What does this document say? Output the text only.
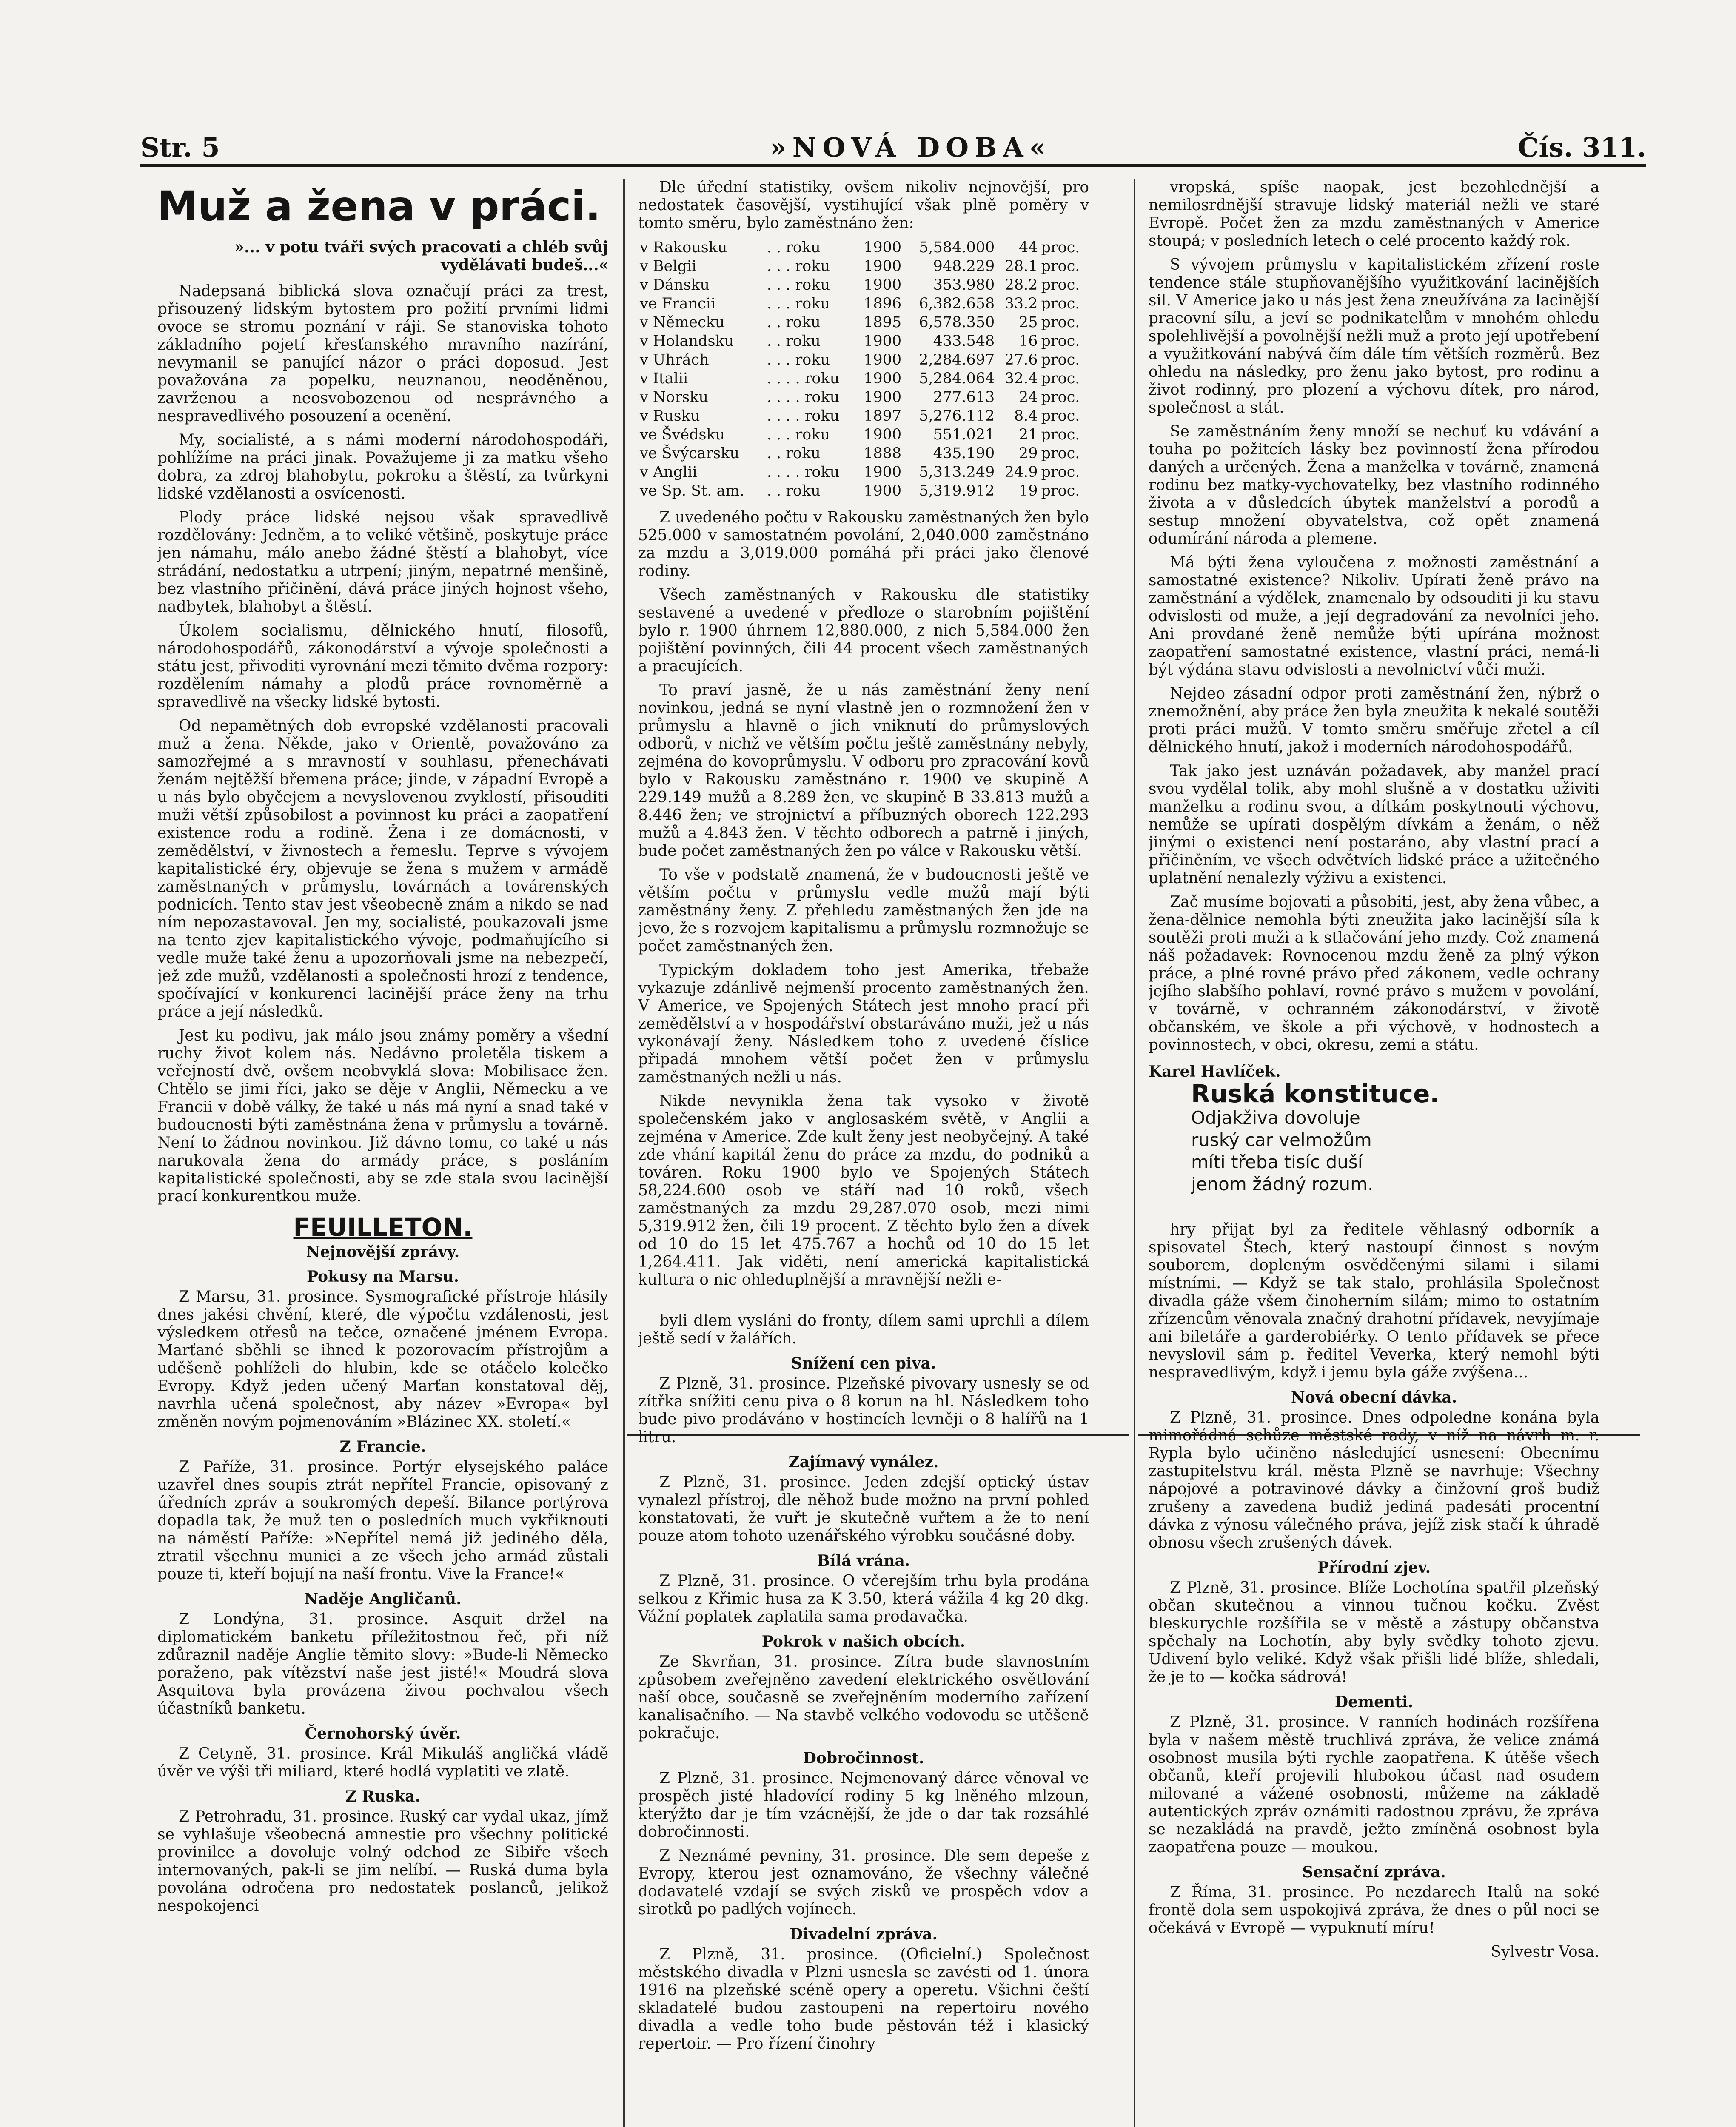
Str. 5	»NOVÁ DOBA«	Čís. 311.
Muž a žena v práci.
»... v potu tváři svých pracovati a chléb svůj vydělávati budeš...«

Nadepsaná biblická slova označují práci za trest, přisouzený lidským bytostem pro požití prvními lidmi ovoce se stromu poznání v ráji. Se stanoviska tohoto základního pojetí křesťanského mravního nazírání, nevymanil se panující názor o práci doposud. Jest považována za popelku, neuznanou, neoděněnou, zavrženou a neosvobozenou od nesprávného a nespravedlivého posouzení a ocenění.

My, socialisté, a s námi moderní národohospodáři, pohlížíme na práci jinak. Považujeme ji za matku všeho dobra, za zdroj blahobytu, pokroku a štěstí, za tvůrkyni lidské vzdělanosti a osvícenosti.

Plody práce lidské nejsou však spravedlivě rozdělovány: Jedněm, a to veliké většině, poskytuje práce jen námahu, málo anebo žádné štěstí a blahobyt, více strádání, nedostatku a utrpení; jiným, nepatrné menšině, bez vlastního přičinění, dává práce jiných hojnost všeho, nadbytek, blahobyt a štěstí.

Úkolem socialismu, dělnického hnutí, filosofů, národohospodářů, zákonodárství a vývoje společnosti a státu jest, přivoditi vyrovnání mezi těmito dvěma rozpory: rozdělením námahy a plodů práce rovnoměrně a spravedlivě na všecky lidské bytosti.

Od nepamětných dob evropské vzdělanosti pracovali muž a žena. Někde, jako v Orientě, považováno za samozřejmé a s mravností v souhlasu, přenechávati ženám nejtěžší břemena práce; jinde, v západní Evropě a u nás bylo obyčejem a nevyslovenou zvyklostí, přisouditi muži větší způsobilost a povinnost ku práci a zaopatření existence rodu a rodině. Žena i ze domácnosti, v zemědělství, v živnostech a řemeslu. Teprve s vývojem kapitalistické éry, objevuje se žena s mužem v armádě zaměstnaných v průmyslu, továrnách a továrenských podnicích. Tento stav jest všeobecně znám a nikdo se nad ním nepozastavoval. Jen my, socialisté, poukazovali jsme na tento zjev kapitalistického vývoje, podmaňujícího si vedle muže také ženu a upozorňovali jsme na nebezpečí, jež zde mužů, vzdělanosti a společnosti hrozí z tendence, spočívající v konkurenci lacinější práce ženy na trhu práce a její následků.

Jest ku podivu, jak málo jsou známy poměry a všední ruchy život kolem nás. Nedávno proletěla tiskem a veřejností dvě, ovšem neobvyklá slova: Mobilisace žen. Chtělo se jimi říci, jako se děje v Anglii, Německu a ve Francii v době války, že také u nás má nyní a snad také v budoucnosti býti zaměstnána žena v průmyslu a továrně. Není to žádnou novinkou. Již dávno tomu, co také u nás narukovala žena do armády práce, s posláním kapitalistické společnosti, aby se zde stala svou lacinější prací konkurentkou muže.

FEUILLETON.
Nejnovější zprávy.
Pokusy na Marsu.

Z Marsu, 31. prosince. Sysmografické přístroje hlásily dnes jakési chvění, které, dle výpočtu vzdálenosti, jest výsledkem otřesů na tečce, označené jménem Evropa. Marťané sběhli se ihned k pozorovacím přístrojům a uděšeně pohlíželi do hlubin, kde se otáčelo kolečko Evropy. Když jeden učený Marťan konstatoval děj, navrhla učená společnost, aby název »Evropa« byl změněn novým pojmenováním »Blázinec XX. století.«

Z Francie.

Z Paříže, 31. prosince. Portýr elysejského paláce uzavřel dnes soupis ztrát nepřítel Francie, opisovaný z úředních zpráv a soukromých depeší. Bilance portýrova dopadla tak, že muž ten o posledních much vykřiknouti na náměstí Paříže: »Nepřítel nemá již jediného děla, ztratil všechnu munici a ze všech jeho armád zůstali pouze ti, kteří bojují na naší frontu. Vive la France!«

Naděje Angličanů.

Z Londýna, 31. prosince. Asquit držel na diplomatickém banketu příležitostnou řeč, při níž zdůraznil naděje Anglie těmito slovy: »Bude-li Německo poraženo, pak vítězství naše jest jisté!« Moudrá slova Asquitova byla provázena živou pochvalou všech účastníků banketu.

Černohorský úvěr.

Z Cetyně, 31. prosince. Král Mikuláš angličká vládě úvěr ve výši tři miliard, které hodlá vyplatiti ve zlatě.

Z Ruska.

Z Petrohradu, 31. prosince. Ruský car vydal ukaz, jímž se vyhlašuje všeobecná amnestie pro všechny politické provinilce a dovoluje volný odchod ze Sibiře všech internovaných, pak-li se jim nelíbí. — Ruská duma byla povolána odročena pro nedostatek poslanců, jelikož nespokojenci

Dle úřední statistiky, ovšem nikoliv nejnovější, pro nedostatek časovější, vystihující však plně poměry v tomto směru, bylo zaměstnáno žen:

v Rakousku	. . roku	1900	5,584.000	44	proc.
v Belgii	. . . roku	1900	948.229	28.1	proc.
v Dánsku	. . . roku	1900	353.980	28.2	proc.
ve Francii	. . . roku	1896	6,382.658	33.2	proc.
v Německu	. . roku	1895	6,578.350	25	proc.
v Holandsku	. . roku	1900	433.548	16	proc.
v Uhrách	. . . roku	1900	2,284.697	27.6	proc.
v Italii	. . . . roku	1900	5,284.064	32.4	proc.
v Norsku	. . . . roku	1900	277.613	24	proc.
v Rusku	. . . . roku	1897	5,276.112	8.4	proc.
ve Švédsku	. . . roku	1900	551.021	21	proc.
ve Švýcarsku	. . roku	1888	435.190	29	proc.
v Anglii	. . . . roku	1900	5,313.249	24.9	proc.
ve Sp. St. am.	. . roku	1900	5,319.912	19	proc.

Z uvedeného počtu v Rakousku zaměstnaných žen bylo 525.000 v samostatném povolání, 2,040.000 zaměstnáno za mzdu a 3,019.000 pomáhá při práci jako členové rodiny.

Všech zaměstnaných v Rakousku dle statistiky sestavené a uvedené v předloze o starobním pojištění bylo r. 1900 úhrnem 12,880.000, z nich 5,584.000 žen pojištění povinných, čili 44 procent všech zaměstnaných a pracujících.

To praví jasně, že u nás zaměstnání ženy není novinkou, jedná se nyní vlastně jen o rozmnožení žen v průmyslu a hlavně o jich vniknutí do průmyslových odborů, v nichž ve větším počtu ještě zaměstnány nebyly, zejména do kovoprůmyslu. V odboru pro zpracování kovů bylo v Rakousku zaměstnáno r. 1900 ve skupině A 229.149 mužů a 8.289 žen, ve skupině B 33.813 mužů a 8.446 žen; ve strojnictví a příbuzných oborech 122.293 mužů a 4.843 žen. V těchto odborech a patrně i jiných, bude počet zaměstnaných žen po válce v Rakousku větší.

To vše v podstatě znamená, že v budoucnosti ještě ve větším počtu v průmyslu vedle mužů mají býti zaměstnány ženy. Z přehledu zaměstnaných žen jde na jevo, že s rozvojem kapitalismu a průmyslu rozmnožuje se počet zaměstnaných žen.

Typickým dokladem toho jest Amerika, třebaže vykazuje zdánlivě nejmenší procento zaměstnaných žen. V Americe, ve Spojených Státech jest mnoho prací při zemědělství a v hospodářství obstaráváno muži, jež u nás vykonávají ženy. Následkem toho z uvedené číslice připadá mnohem větší počet žen v průmyslu zaměstnaných nežli u nás.

Nikde nevynikla žena tak vysoko v životě společenském jako v anglosaském světě, v Anglii a zejména v Americe. Zde kult ženy jest neobyčejný. A také zde vhání kapitál ženu do práce za mzdu, do podniků a továren. Roku 1900 bylo ve Spojených Státech 58,224.600 osob ve stáří nad 10 roků, všech zaměstnaných za mzdu 29,287.070 osob, mezi nimi 5,319.912 žen, čili 19 procent. Z těchto bylo žen a dívek od 10 do 15 let 475.767 a hochů od 10 do 15 let 1,264.411. Jak viděti, není americká kapitalistická kultura o nic ohleduplnější a mravnější nežli e-

byli dlem vysláni do fronty, dílem sami uprchli a dílem ještě sedí v žalářích.

Snížení cen piva.

Z Plzně, 31. prosince. Plzeňské pivovary usnesly se od zítřka snížiti cenu piva o 8 korun na hl. Následkem toho bude pivo prodáváno v hostincích levněji o 8 halířů na 1 litru.

Zajímavý vynález.

Z Plzně, 31. prosince. Jeden zdejší optický ústav vynalezl přístroj, dle něhož bude možno na první pohled konstatovati, že vuřt je skutečně vuřtem a že to není pouze atom tohoto uzenářského výrobku součásné doby.

Bílá vrána.

Z Plzně, 31. prosince. O včerejším trhu byla prodána selkou z Křimic husa za K 3.50, která vážila 4 kg 20 dkg. Vážní poplatek zaplatila sama prodavačka.

Pokrok v našich obcích.

Ze Skvrňan, 31. prosince. Zítra bude slavnostním způsobem zveřejněno zavedení elektrického osvětlování naší obce, současně se zveřejněním moderního zařízení kanalisačního. — Na stavbě velkého vodovodu se utěšeně pokračuje.

Dobročinnost.

Z Plzně, 31. prosince. Nejmenovaný dárce věnoval ve prospěch jisté hladovící rodiny 5 kg lněného mlzoun, kterýžto dar je tím vzácnější, že jde o dar tak rozsáhlé dobročinnosti.

Z Neznámé pevniny, 31. prosince. Dle sem depeše z Evropy, kterou jest oznamováno, že všechny válečné dodavatelé vzdají se svých zisků ve prospěch vdov a sirotků po padlých vojínech.

Divadelní zpráva.

Z Plzně, 31. prosince. (Oficielní.) Společnost městského divadla v Plzni usnesla se zavésti od 1. února 1916 na plzeňské scéně opery a operetu. Všichni čeští skladatelé budou zastoupeni na repertoiru nového divadla a vedle toho bude pěstován též i klasický repertoir. — Pro řízení činohry

vropská, spíše naopak, jest bezohlednější a nemilosrdnější stravuje lidský materiál nežli ve staré Evropě. Počet žen za mzdu zaměstnaných v Americe stoupá; v posledních letech o celé procento každý rok.

S vývojem průmyslu v kapitalistickém zřízení roste tendence stále stupňovanějšího využitkování lacinějších sil. V Americe jako u nás jest žena zneužívána za lacinější pracovní sílu, a jeví se podnikatelům v mnohém ohledu spolehlivější a povolnější nežli muž a proto její upotřebení a využitkování nabývá čím dále tím větších rozměrů. Bez ohledu na následky, pro ženu jako bytost, pro rodinu a život rodinný, pro plození a výchovu dítek, pro národ, společnost a stát.

Se zaměstnáním ženy množí se nechuť ku vdávání a touha po požitcích lásky bez povinností žena přírodou daných a určených. Žena a manželka v továrně, znamená rodinu bez matky-vychovatelky, bez vlastního rodinného života a v důsledcích úbytek manželství a porodů a sestup množení obyvatelstva, což opět znamená odumírání národa a plemene.

Má býti žena vyloučena z možnosti zaměstnání a samostatné existence? Nikoliv. Upírati ženě právo na zaměstnání a výdělek, znamenalo by odsouditi ji ku stavu odvislosti od muže, a její degradování za nevolníci jeho. Ani provdané ženě nemůže býti upírána možnost zaopatření samostatné existence, vlastní práci, nemá-li být výdána stavu odvislosti a nevolnictví vůči muži.

Nejdeo zásadní odpor proti zaměstnání žen, nýbrž o znemožnění, aby práce žen byla zneužita k nekalé soutěži proti práci mužů. V tomto směru směřuje zřetel a cíl dělnického hnutí, jakož i moderních národohospodářů.

Tak jako jest uznáván požadavek, aby manžel prací svou vydělal tolik, aby mohl slušně a v dostatku uživiti manželku a rodinu svou, a dítkám poskytnouti výchovu, nemůže se upírati dospělým dívkám a ženám, o něž jinými o existenci není postaráno, aby vlastní prací a přičiněním, ve všech odvětvích lidské práce a užitečného uplatnění nenalezly výživu a existenci.

Zač musíme bojovati a působiti, jest, aby žena vůbec, a žena-dělnice nemohla býti zneužita jako lacinější síla k soutěži proti muži a k stlačování jeho mzdy. Což znamená náš požadavek: Rovnocenou mzdu ženě za plný výkon práce, a plné rovné právo před zákonem, vedle ochrany jejího slabšího pohlaví, rovné právo s mužem v povolání, v továrně, v ochranném zákonodárství, v životě občanském, ve škole a při výchově, v hodnostech a povinnostech, v obci, okresu, zemi a státu.

Karel Havlíček.
Ruská konstituce.
Odjakživa dovoluje
ruský car velmožům
míti třeba tisíc duší
jenom žádný rozum.

hry přijat byl za ředitele věhlasný odborník a spisovatel Štech, který nastoupí činnost s novým souborem, dopleným osvědčenými silami i silami místními. — Když se tak stalo, prohlásila Společnost divadla gáže všem činoherním silám; mimo to ostatním zřízencům věnovala značný drahotní přídavek, nevyjímaje ani biletáře a garderobiérky. O tento přídavek se přece nevyslovil sám p. ředitel Veverka, který nemohl býti nespravedlivým, když i jemu byla gáže zvýšena...

Nová obecní dávka.

Z Plzně, 31. prosince. Dnes odpoledne konána byla mimořádná schůze městské rady, v níž na návrh m. r. Rypla bylo učiněno následující usnesení: Obecnímu zastupitelstvu král. města Plzně se navrhuje: Všechny nápojové a potravinové dávky a činžovní groš budiž zrušeny a zavedena budiž jediná padesáti procentní dávka z výnosu válečného práva, jejíž zisk stačí k úhradě obnosu všech zrušených dávek.

Přírodní zjev.

Z Plzně, 31. prosince. Blíže Lochotína spatřil plzeňský občan skutečnou a vinnou tučnou kočku. Zvěst bleskurychle rozšířila se v městě a zástupy občanstva spěchaly na Lochotín, aby byly svědky tohoto zjevu. Udivení bylo veliké. Když však přišli lidé blíže, shledali, že je to — kočka sádrová!

Dementi.

Z Plzně, 31. prosince. V ranních hodinách rozšířena byla v našem městě truchlivá zpráva, že velice známá osobnost musila býti rychle zaopatřena. K útěše všech občanů, kteří projevili hlubokou účast nad osudem milované a vážené osobnosti, můžeme na základě autentických zpráv oznámiti radostnou zprávu, že zpráva se nezakládá na pravdě, ježto zmíněná osobnost byla zaopatřena pouze — moukou.

Sensační zpráva.

Z Říma, 31. prosince. Po nezdarech Italů na soké frontě dola sem uspokojivá zpráva, že dnes o půl noci se očekává v Evropě — vypuknutí míru!

Sylvestr Vosa.
